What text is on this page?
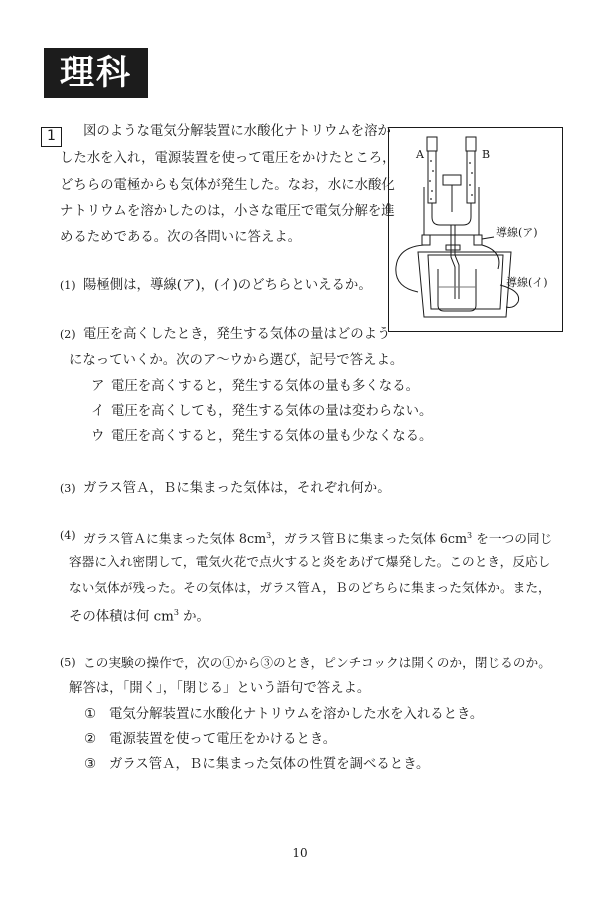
理科
1	図のような電気分解装置に水酸化ナトリウムを溶か
した水を入れ，電源装置を使って電圧をかけたところ，
どちらの電極からも気体が発生した。なお，水に水酸化
ナトリウムを溶かしたのは，小さな電圧で電気分解を進
めるためである。次の各問いに答えよ。
A	B
導線(ア)
導線(イ)
(1) 陽極側は，導線(ア)，(イ)のどちらといえるか。
(2) 電圧を高くしたとき，発生する気体の量はどのよう
になっていくか。次のア～ウから選び，記号で答えよ。
ア 電圧を高くすると，発生する気体の量も多くなる。
イ 電圧を高くしても，発生する気体の量は変わらない。
ウ 電圧を高くすると，発生する気体の量も少なくなる。
(3) ガラス管Ａ，Ｂに集まった気体は，それぞれ何か。
(4) ガラス管Ａに集まった気体 $8cm^3$，ガラス管Ｂに集まった気体 $6cm^3$ を一つの同じ
容器に入れ密閉して，電気火花で点火すると炎をあげて爆発した。このとき，反応し
ない気体が残った。その気体は，ガラス管Ａ，Ｂのどちらに集まった気体か。また，
その体積は何 $cm^3$ か。
(5) この実験の操作で，次の①から③のとき，ピンチコックは開くのか，閉じるのか。
解答は，「開く」，「閉じる」という語句で答えよ。
① 電気分解装置に水酸化ナトリウムを溶かした水を入れるとき。
② 電源装置を使って電圧をかけるとき。
③ ガラス管Ａ，Ｂに集まった気体の性質を調べるとき。
10
